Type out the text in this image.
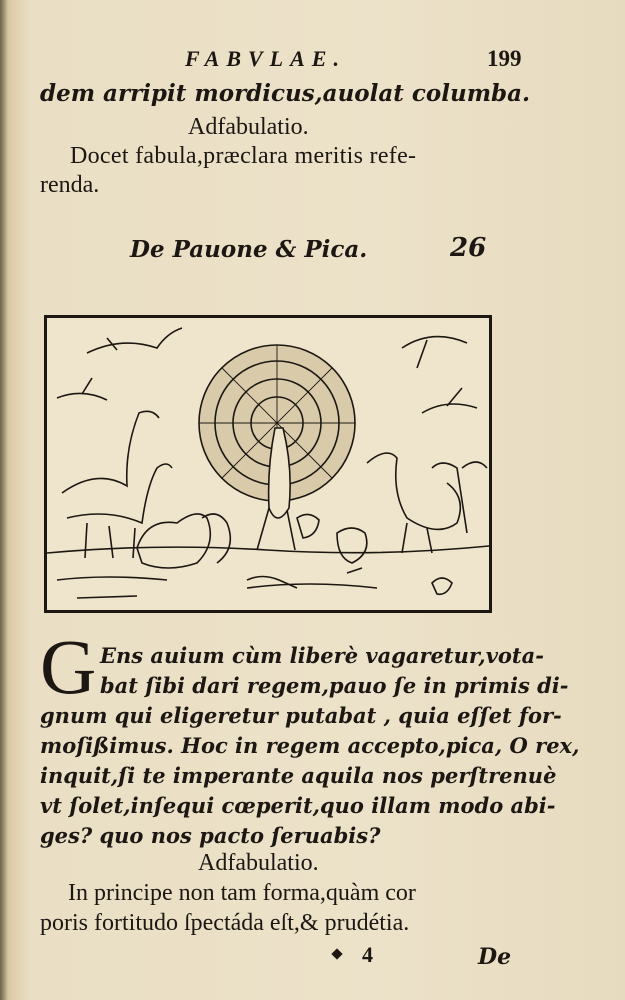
FABVLAE.	199
dem arripit mordicus,auolat columba.
Adfabulatio.
Docet fabula,præclara meritis refe-
renda.
De Pauone & Pica.	26
G Ens auium cùm liberè vagaretur,vota-
bat ſibi dari regem,pauo ſe in primis di-
gnum qui eligeretur putabat , quia eſſet for-
moſißimus. Hoc in regem accepto,pica, O rex,
inquit,ſi te imperante aquila nos perſtrenuè
vt ſolet,inſequi cœperit,quo illam modo abi-
ges? quo nos pacto ſeruabis?
Adfabulatio.
In principe non tam forma,quàm cor
poris fortitudo ſpectáda eſt,& prudétia.
4	De
